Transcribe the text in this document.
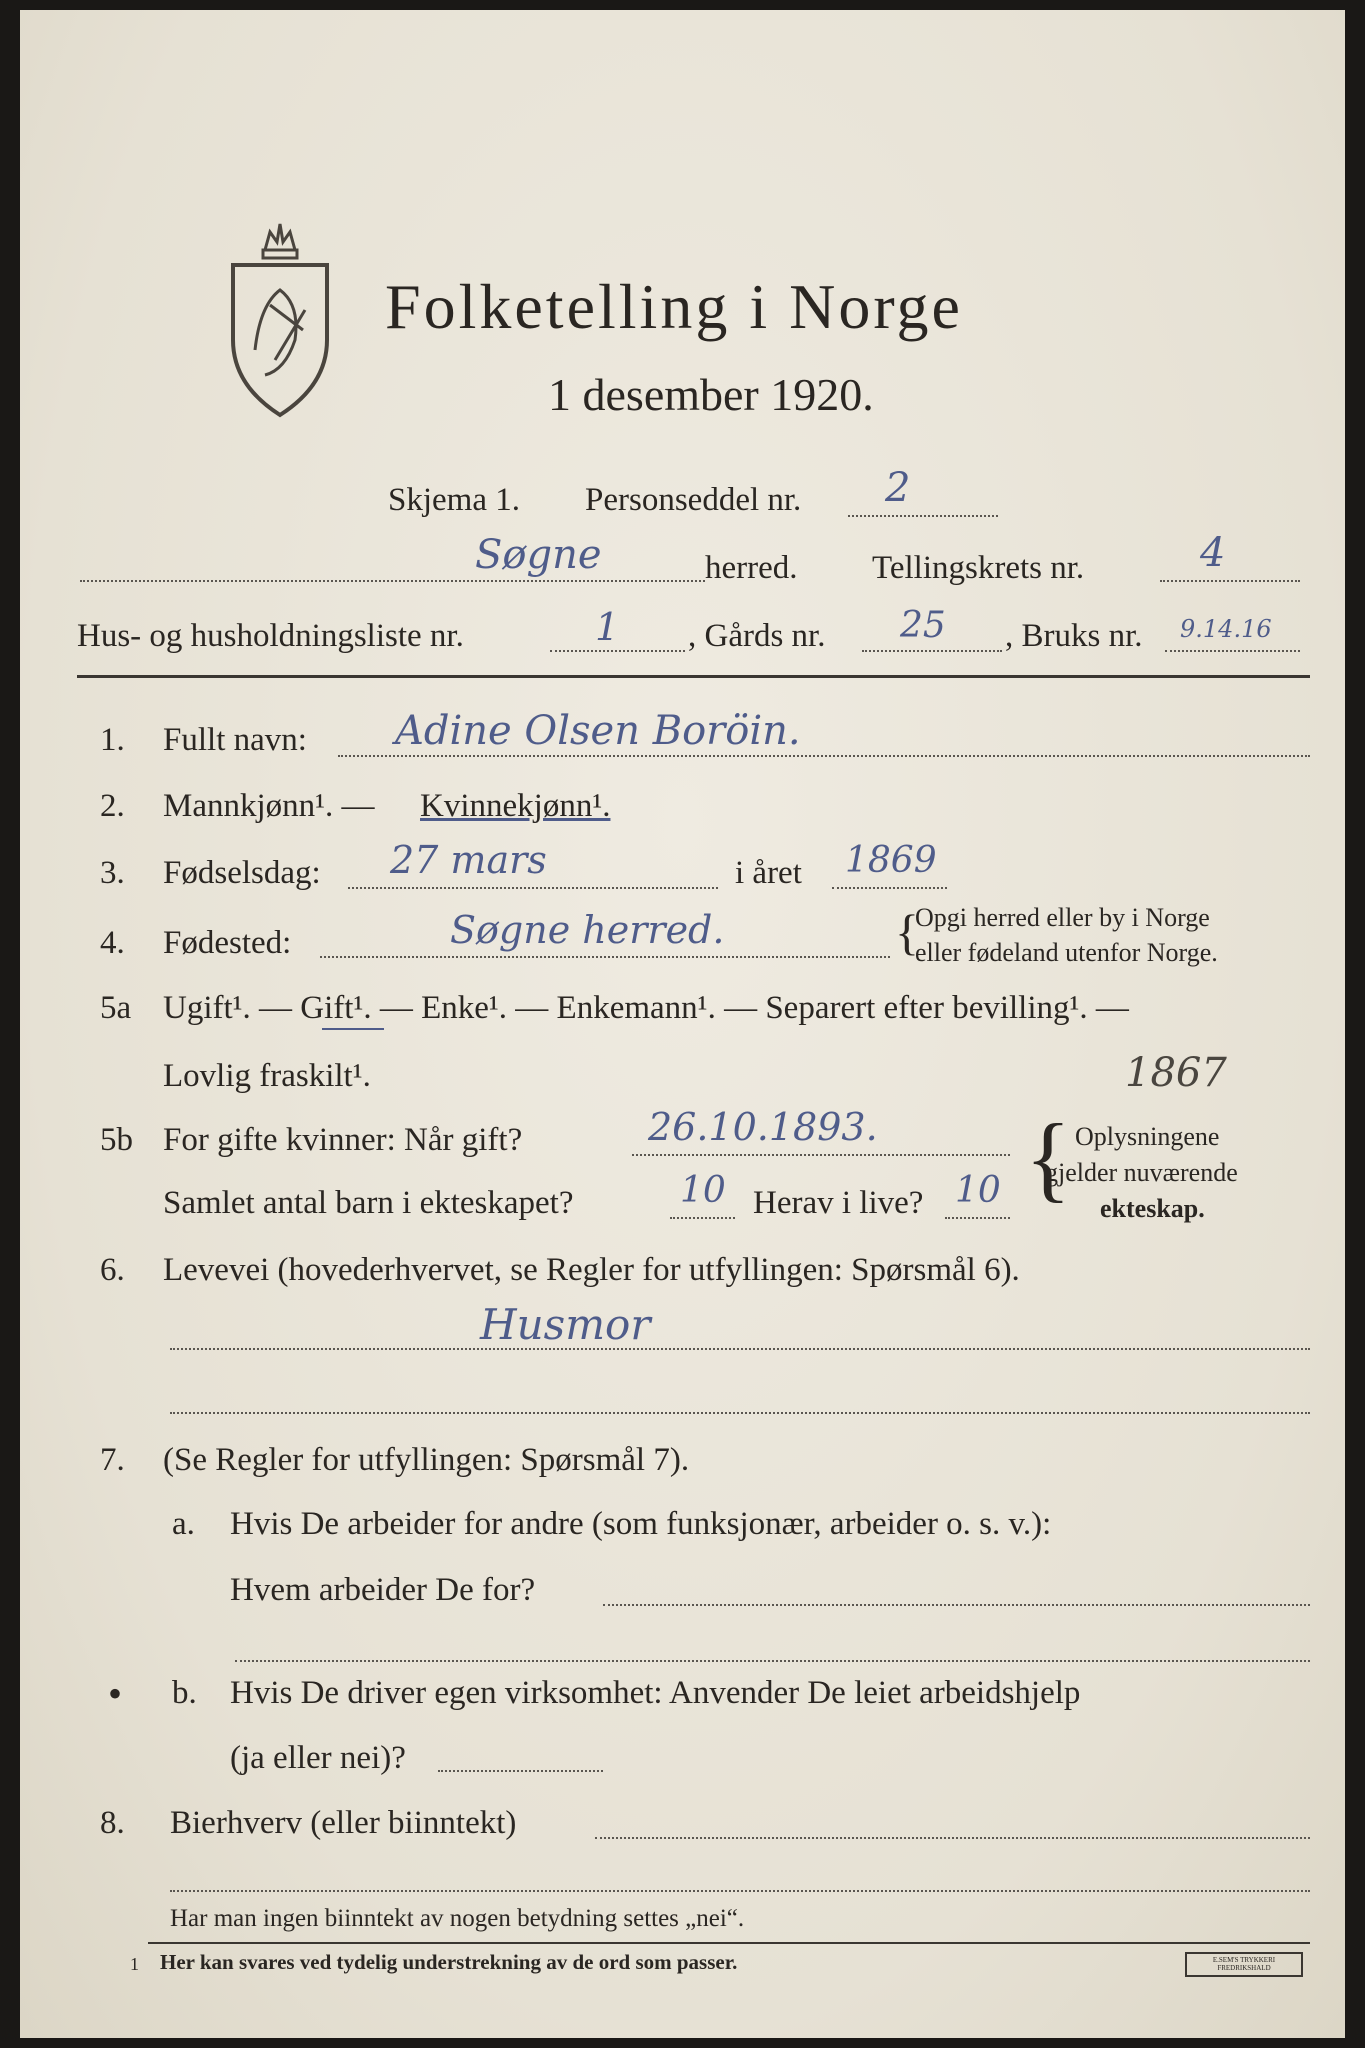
Folketelling i Norge
1 desember 1920.
Skjema 1. Personseddel nr. 2
Søgne	herred. Tellingskrets nr.	4
Hus- og husholdningsliste nr.	1 , Gårds nr. 25 , Bruks nr. 9.14.16
1. Fullt navn: Adine Olsen Boröin.
2. Mannkjønn¹. — Kvinnekjønn¹.
3. Fødselsdag: 27 mars	i året 1869
4. Fødested:	Søgne herred.	{
Opgi herred eller by i Norge
eller fødeland utenfor Norge.
5a Ugift¹. — Gift¹. — Enke¹. — Enkemann¹. — Separert efter bevilling¹. —
Lovlig fraskilt¹.	1867
5b For gifte kvinner: Når gift?	26.10.1893.
Samlet antal barn i ekteskapet?	10 Herav i live? 10 { Oplysningene
gjelder nuværende
ekteskap.
6. Levevei (hovederhvervet, se Regler for utfyllingen: Spørsmål 6).
Husmor
7. (Se Regler for utfyllingen: Spørsmål 7).
a. Hvis De arbeider for andre (som funksjonær, arbeider o. s. v.):
Hvem arbeider De for?
• b. Hvis De driver egen virksomhet: Anvender De leiet arbeidshjelp
(ja eller nei)?
8. Bierhverv (eller biinntekt)
Har man ingen biinntekt av nogen betydning settes „nei“.
1 Her kan svares ved tydelig understrekning av de ord som passer.	E.SEM'S TRYKKERI FREDRIKSHALD
